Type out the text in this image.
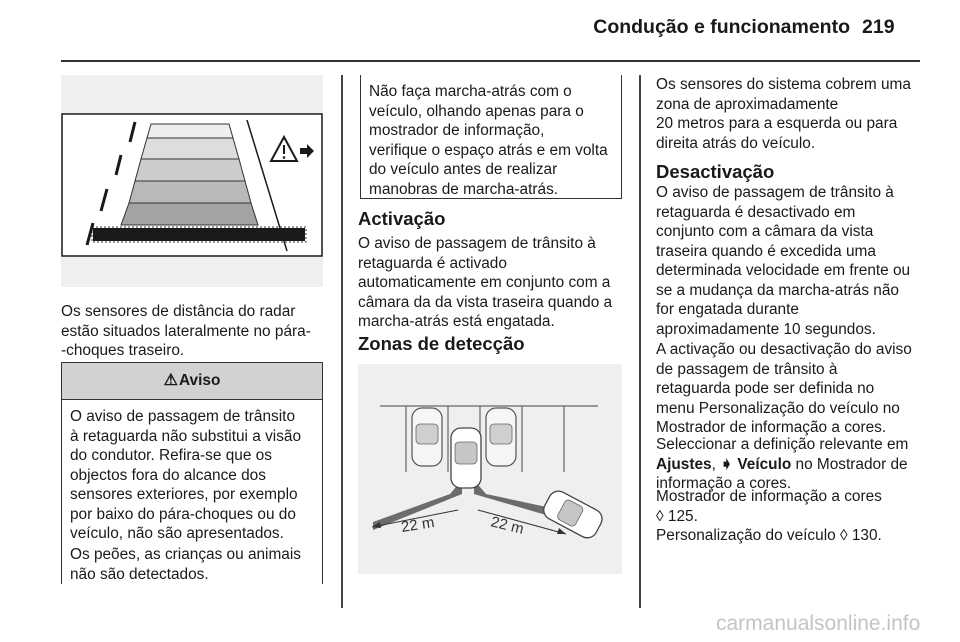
Condução e funcionamento 219
Os sensores de distância do radar
estão situados lateralmente no pára-
-choques traseiro.
⚠Aviso
O aviso de passagem de trânsito
à retaguarda não substitui a visão
do condutor. Refira-se que os
objectos fora do alcance dos
sensores exteriores, por exemplo
por baixo do pára-choques ou do
veículo, não são apresentados.
Os peões, as crianças ou animais
não são detectados.
Não faça marcha-atrás com o
veículo, olhando apenas para o
mostrador de informação,
verifique o espaço atrás e em volta
do veículo antes de realizar
manobras de marcha-atrás.
Activação
O aviso de passagem de trânsito à
retaguarda é activado
automaticamente em conjunto com a
câmara da da vista traseira quando a
marcha-atrás está engatada.
Zonas de detecção
22 m	22 m
Os sensores do sistema cobrem uma
zona de aproximadamente
20 metros para a esquerda ou para
direita atrás do veículo.
Desactivação
O aviso de passagem de trânsito à
retaguarda é desactivado em
conjunto com a câmara da vista
traseira quando é excedida uma
determinada velocidade em frente ou
se a mudança da marcha-atrás não
for engatada durante
aproximadamente 10 segundos.
A activação ou desactivação do aviso
de passagem de trânsito à
retaguarda pode ser definida no
menu Personalização do veículo no
Mostrador de informação a cores.
Seleccionar a definição relevante em
Ajustes, ➧ Veículo no Mostrador de
informação a cores.
Mostrador de informação a cores
◊ 125.
Personalização do veículo ◊ 130.
carmanualsonline.info
